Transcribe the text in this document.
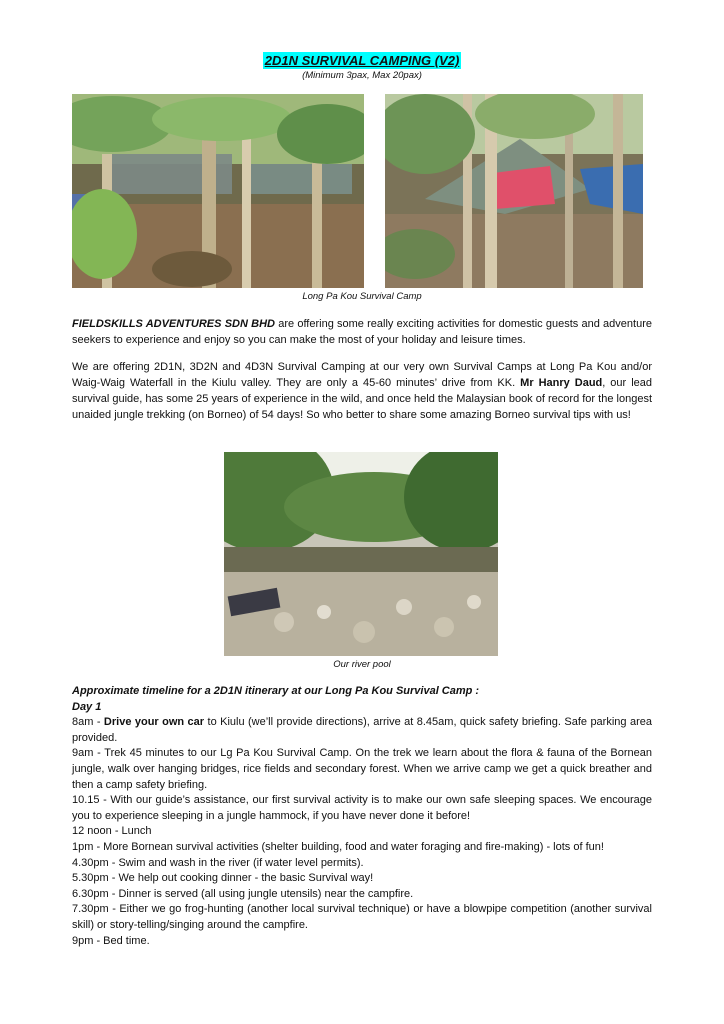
2D1N SURVIVAL CAMPING (V2)
(Minimum 3pax, Max 20pax)
Long Pa Kou Survival Camp

FIELDSKILLS ADVENTURES SDN BHD are offering some really exciting activities for domestic guests and adventure seekers to experience and enjoy so you can make the most of your holiday and leisure times.

We are offering 2D1N, 3D2N and 4D3N Survival Camping at our very own Survival Camps at Long Pa Kou and/or Waig-Waig Waterfall in the Kiulu valley. They are only a 45-60 minutes’ drive from KK. Mr Hanry Daud, our lead survival guide, has some 25 years of experience in the wild, and once held the Malaysian book of record for the longest unaided jungle trekking (on Borneo) of 54 days! So who better to share some amazing Borneo survival tips with us!

Our river pool
Approximate timeline for a 2D1N itinerary at our Long Pa Kou Survival Camp :
Day 1
8am - Drive your own car to Kiulu (we’ll provide directions), arrive at 8.45am, quick safety briefing. Safe parking area provided.
9am - Trek 45 minutes to our Lg Pa Kou Survival Camp. On the trek we learn about the flora & fauna of the Bornean jungle, walk over hanging bridges, rice fields and secondary forest. When we arrive camp we get a quick breather and then a camp safety briefing.
10.15 - With our guide’s assistance, our first survival activity is to make our own safe sleeping spaces. We encourage you to experience sleeping in a jungle hammock, if you have never done it before!
12 noon - Lunch
1pm - More Bornean survival activities (shelter building, food and water foraging and fire-making) - lots of fun!
4.30pm - Swim and wash in the river (if water level permits).
5.30pm - We help out cooking dinner - the basic Survival way!
6.30pm - Dinner is served (all using jungle utensils) near the campfire.
7.30pm - Either we go frog-hunting (another local survival technique) or have a blowpipe competition (another survival skill) or story-telling/singing around the campfire.
9pm - Bed time.
